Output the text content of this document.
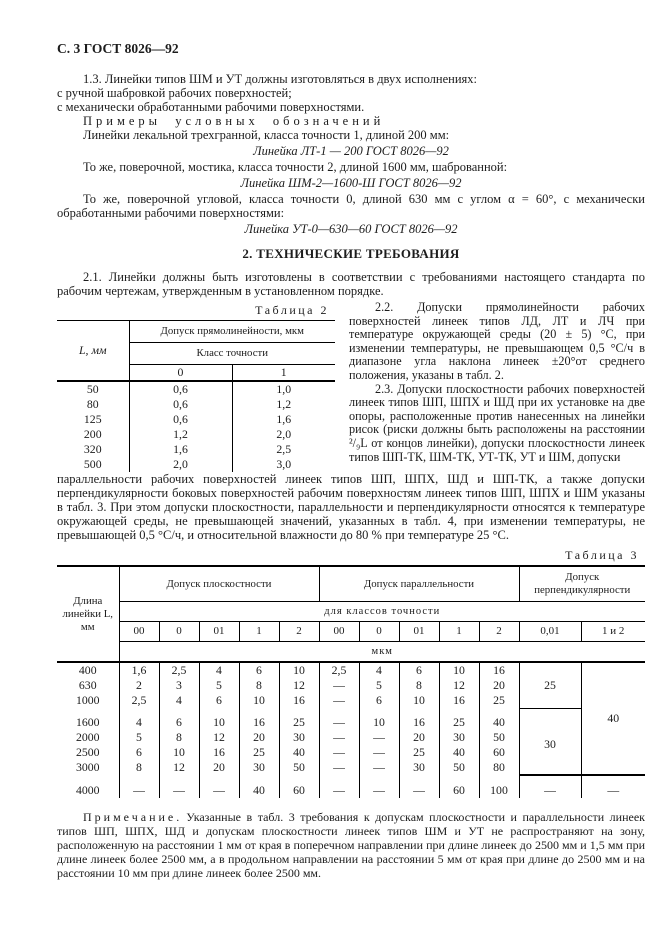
С. 3 ГОСТ 8026—92

1.3. Линейки типов ШМ и УТ должны изготовляться в двух исполнениях:

с ручной шабровкой рабочих поверхностей;

с механически обработанными рабочими поверхностями.

Примеры условных обозначений

Линейки лекальной трехгранной, класса точности 1, длиной 200 мм:

Линейка ЛТ-1 — 200 ГОСТ 8026—92

То же, поверочной, мостика, класса точности 2, длиной 1600 мм, шаброванной:

Линейка ШМ-2—1600-Ш ГОСТ 8026—92

То же, поверочной угловой, класса точности 0, длиной 630 мм с углом α = 60°, с механически обработанными рабочими поверхностями:

Линейка УТ-0—630—60 ГОСТ 8026—92

2. ТЕХНИЧЕСКИЕ ТРЕБОВАНИЯ

2.1. Линейки должны быть изготовлены в соответствии с требованиями настоящего стандарта по рабочим чертежам, утвержденным в установленном порядке.

Таблица 2
L, мм	Допуск прямолинейности, мкм	
	Класс точности	
	0	1
50	0,6	1,0
80	0,6	1,2
125	0,6	1,6
200	1,2	2,0
320	1,6	2,5
500	2,0	3,0

2.2. Допуски прямолинейности рабочих поверхностей линеек типов ЛД, ЛТ и ЛЧ при температуре окружающей среды (20 ± 5) °С, при изменении температуры, не превышающем 0,5 °С/ч в диапазоне угла наклона линеек ±20°от среднего положения, указаны в табл. 2.

2.3. Допуски плоскостности рабочих поверхностей линеек типов ШП, ШПХ и ШД при их установке на две опоры, расположенные против нанесенных на линейки рисок (риски должны быть расположены на расстоянии ²/₉L от концов линейки), допуски плоскостности линеек типов ШП-ТК, ШМ-ТК, УТ-ТК, УТ и ШМ, допуски

параллельности рабочих поверхностей линеек типов ШП, ШПХ, ШД и ШП-ТК, а также допуски перпендикулярности боковых поверхностей рабочим поверхностям линеек типов ШП, ШПХ и ШМ указаны в табл. 3. При этом допуски плоскостности, параллельности и перпендикулярности относятся к температуре окружающей среды, не превышающей значений, указанных в табл. 4, при изменении температуры, не превышающей 0,5 °С/ч, и относительной влажности до 80 % при температуре 25 °С.

Таблица 3
Длина линейки L, мм	Допуск плоскостности					Допуск параллельности					Допуск перпендикулярности	
	для классов точности											
	00	0	01	1	2	00	0	01	1	2	0,01	1 и 2
	мкм											
400	1,6	2,5	4	6	10	2,5	4	6	10	16	25	40
630	2	3	5	8	12	—	5	8	12	20		
1000	2,5	4	6	10	16	—	6	10	16	25		
1600	4	6	10	16	25	—	10	16	25	40	30	
2000	5	8	12	20	30	—	—	20	30	50		
2500	6	10	16	25	40	—	—	25	40	60		
3000	8	12	20	30	50	—	—	30	50	80		
4000	—	—	—	40	60	—	—	—	60	100	—	—

Примечание. Указанные в табл. 3 требования к допускам плоскостности и параллельности линеек типов ШП, ШПХ, ШД и допускам плоскостности линеек типов ШМ и УТ не распространяют на зону, расположенную на расстоянии 1 мм от края в поперечном направлении при длине линеек до 2500 мм и 1,5 мм при длине линеек более 2500 мм, а в продольном направлении на расстоянии 5 мм от края при длине до 2500 мм и на расстоянии 10 мм при длине линеек более 2500 мм.
